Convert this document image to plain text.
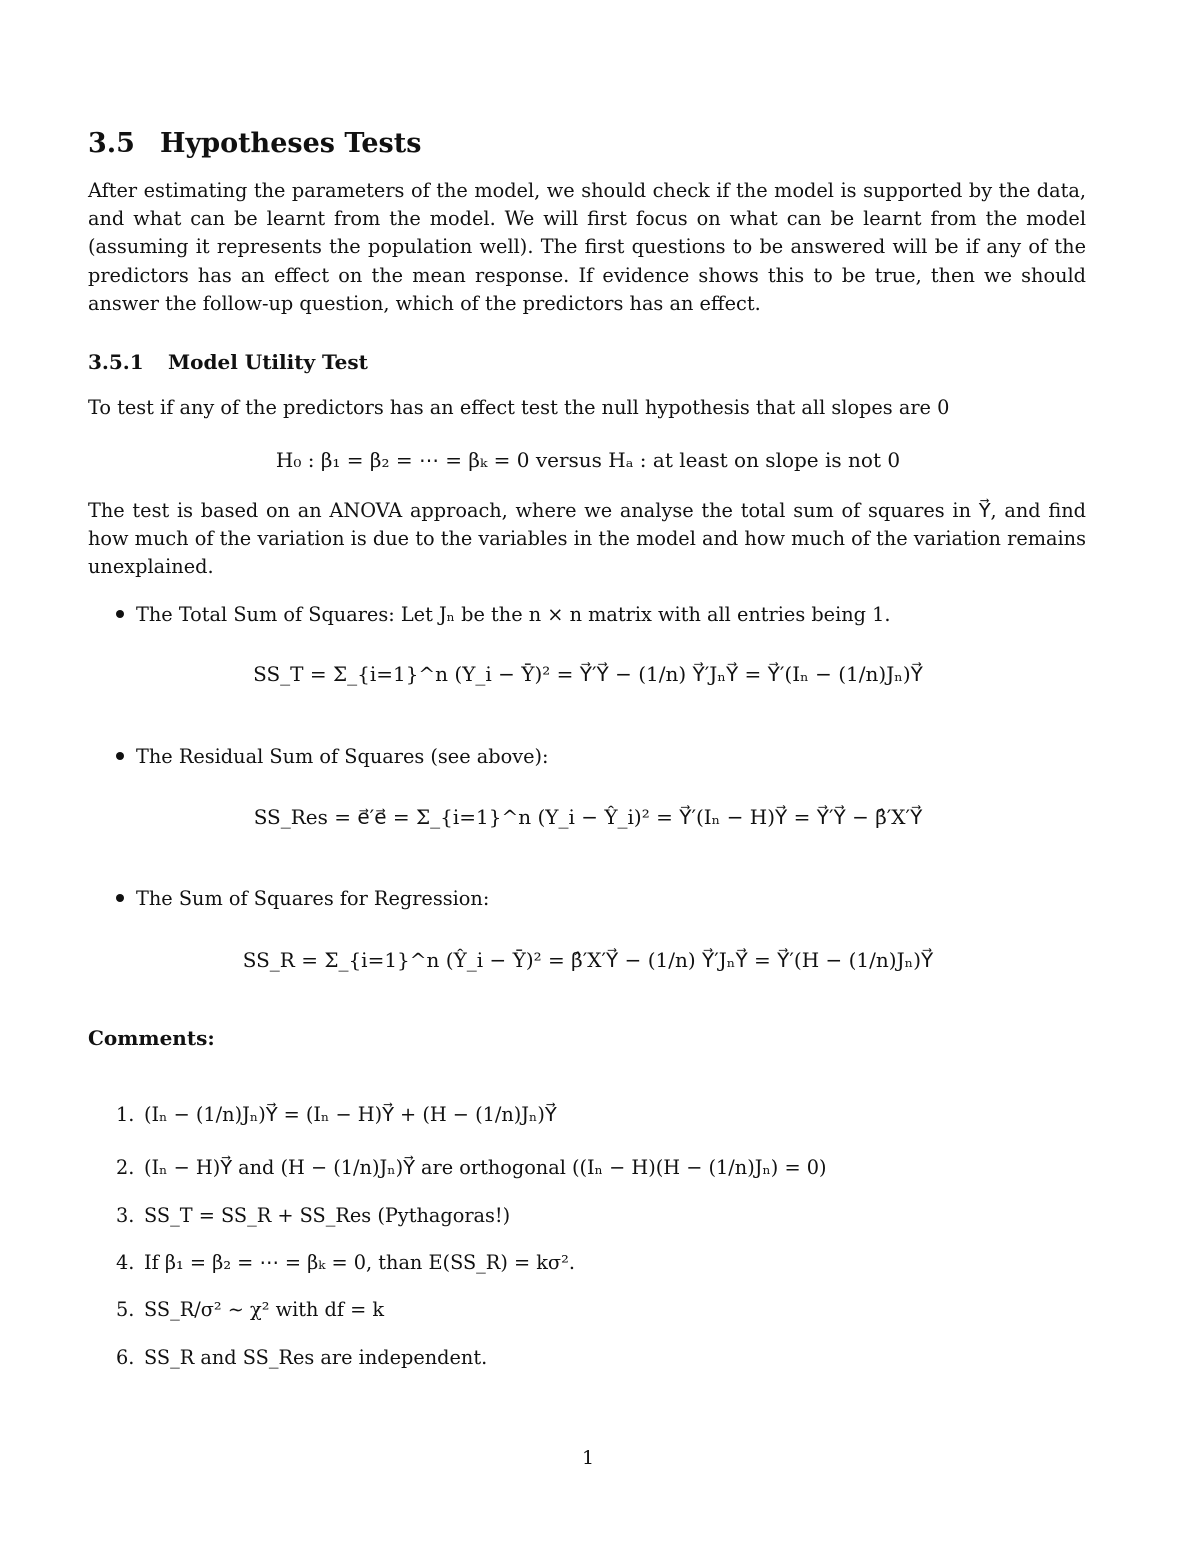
3.5 Hypotheses Tests

After estimating the parameters of the model, we should check if the model is supported by the data, and what can be learnt from the model. We will first focus on what can be learnt from the model (assuming it represents the population well). The first questions to be answered will be if any of the predictors has an effect on the mean response. If evidence shows this to be true, then we should answer the follow-up question, which of the predictors has an effect.

3.5.1 Model Utility Test

To test if any of the predictors has an effect test the null hypothesis that all slopes are 0

H₀ : β₁ = β₂ = ⋯ = βₖ = 0 versus Hₐ : at least on slope is not 0

The test is based on an ANOVA approach, where we analyse the total sum of squares in Y⃗, and find how much of the variation is due to the variables in the model and how much of the variation remains unexplained.

The Total Sum of Squares: Let Jₙ be the n × n matrix with all entries being 1.
SS_T = Σ_{i=1}^n (Y_i − Ȳ)² = Y⃗′Y⃗ − (1/n) Y⃗′JₙY⃗ = Y⃗′(Iₙ − (1/n)Jₙ)Y⃗
The Residual Sum of Squares (see above):
SS_Res = e⃗′e⃗ = Σ_{i=1}^n (Y_i − Ŷ_i)² = Y⃗′(Iₙ − H)Y⃗ = Y⃗′Y⃗ − β̂′X′Y⃗
The Sum of Squares for Regression:
SS_R = Σ_{i=1}^n (Ŷ_i − Ȳ)² = β̂′X′Y⃗ − (1/n) Y⃗′JₙY⃗ = Y⃗′(H − (1/n)Jₙ)Y⃗
Comments:
1. (Iₙ − (1/n)Jₙ)Y⃗ = (Iₙ − H)Y⃗ + (H − (1/n)Jₙ)Y⃗
2. (Iₙ − H)Y⃗ and (H − (1/n)Jₙ)Y⃗ are orthogonal ((Iₙ − H)(H − (1/n)Jₙ) = 0)
3. SS_T = SS_R + SS_Res (Pythagoras!)
4. If β₁ = β₂ = ⋯ = βₖ = 0, than E(SS_R) = kσ².
5. SS_R/σ² ∼ χ² with df = k
6. SS_R and SS_Res are independent.
1
